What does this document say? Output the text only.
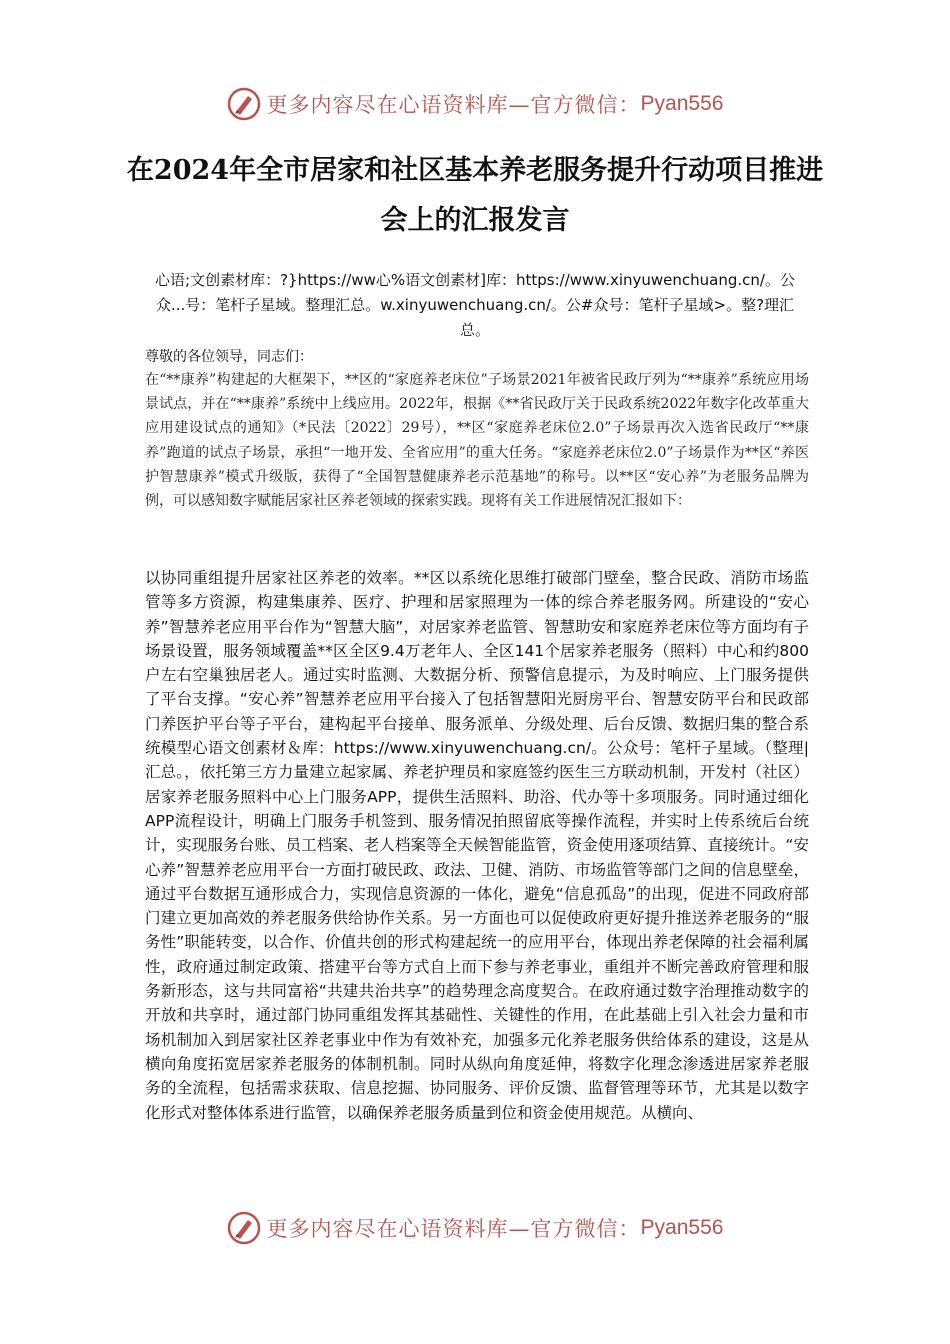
更多内容尽在心语资料库—官方微信： Pyan556
在2024年全市居家和社区基本养老服务提升行动项目推进会上的汇报发言
心语;文创素材库：?}https://ww心%语文创素材]库：https://www.xinyuwenchuang.cn/。公众...号：笔杆子星域。整理汇总。w.xinyuwenchuang.cn/。公#众号：笔杆子星域>。整?理汇总。
尊敬的各位领导，同志们：
在“**康养”构建起的大框架下，**区的“家庭养老床位”子场景2021年被省民政厅列为“**康养”系统应用场景试点，并在“**康养”系统中上线应用。2022年，根据《**省民政厅关于民政系统2022年数字化改革重大应用建设试点的通知》（*民法〔2022〕29号），**区“家庭养老床位2.0”子场景再次入选省民政厅“**康养”跑道的试点子场景，承担“一地开发、全省应用”的重大任务。“家庭养老床位2.0”子场景作为**区“养医护智慧康养”模式升级版，获得了“全国智慧健康养老示范基地”的称号。以**区“安心养”为老服务品牌为例，可以感知数字赋能居家社区养老领域的探索实践。现将有关工作进展情况汇报如下：
以协同重组提升居家社区养老的效率。**区以系统化思维打破部门壁垒，整合民政、消防市场监管等多方资源，构建集康养、医疗、护理和居家照理为一体的综合养老服务网。所建设的“安心养”智慧养老应用平台作为“智慧大脑”，对居家养老监管、智慧助安和家庭养老床位等方面均有子场景设置，服务领域覆盖**区全区9.4万老年人、全区141个居家养老服务（照料）中心和约800户左右空巢独居老人。通过实时监测、大数据分析、预警信息提示，为及时响应、上门服务提供了平台支撑。“安心养”智慧养老应用平台接入了包括智慧阳光厨房平台、智慧安防平台和民政部门养医护平台等子平台，建构起平台接单、服务派单、分级处理、后台反馈、数据归集的整合系统模型心语文创素材＆库：https://www.xinyuwenchuang.cn/。公众号：笔杆子星域。（整理|汇总。，依托第三方力量建立起家属、养老护理员和家庭签约医生三方联动机制，开发村（社区）居家养老服务照料中心上门服务APP，提供生活照料、助浴、代办等十多项服务。同时通过细化APP流程设计，明确上门服务手机签到、服务情况拍照留底等操作流程，并实时上传系统后台统计，实现服务台账、员工档案、老人档案等全天候智能监管，资金使用逐项结算、直接统计。“安心养”智慧养老应用平台一方面打破民政、政法、卫健、消防、市场监管等部门之间的信息壁垒，通过平台数据互通形成合力，实现信息资源的一体化，避免“信息孤岛”的出现，促进不同政府部门建立更加高效的养老服务供给协作关系。另一方面也可以促使政府更好提升推送养老服务的“服务性”职能转变，以合作、价值共创的形式构建起统一的应用平台，体现出养老保障的社会福利属性，政府通过制定政策、搭建平台等方式自上而下参与养老事业，重组并不断完善政府管理和服务新形态，这与共同富裕“共建共治共享”的趋势理念高度契合。在政府通过数字治理推动数字的开放和共享时，通过部门协同重组发挥其基础性、关键性的作用，在此基础上引入社会力量和市场机制加入到居家社区养老事业中作为有效补充，加强多元化养老服务供给体系的建设，这是从横向角度拓宽居家养老服务的体制机制。同时从纵向角度延伸，将数字化理念渗透进居家养老服务的全流程，包括需求获取、信息挖掘、协同服务、评价反馈、监督管理等环节，尤其是以数字化形式对整体体系进行监管，以确保养老服务质量到位和资金使用规范。从横向、
更多内容尽在心语资料库—官方微信： Pyan556
